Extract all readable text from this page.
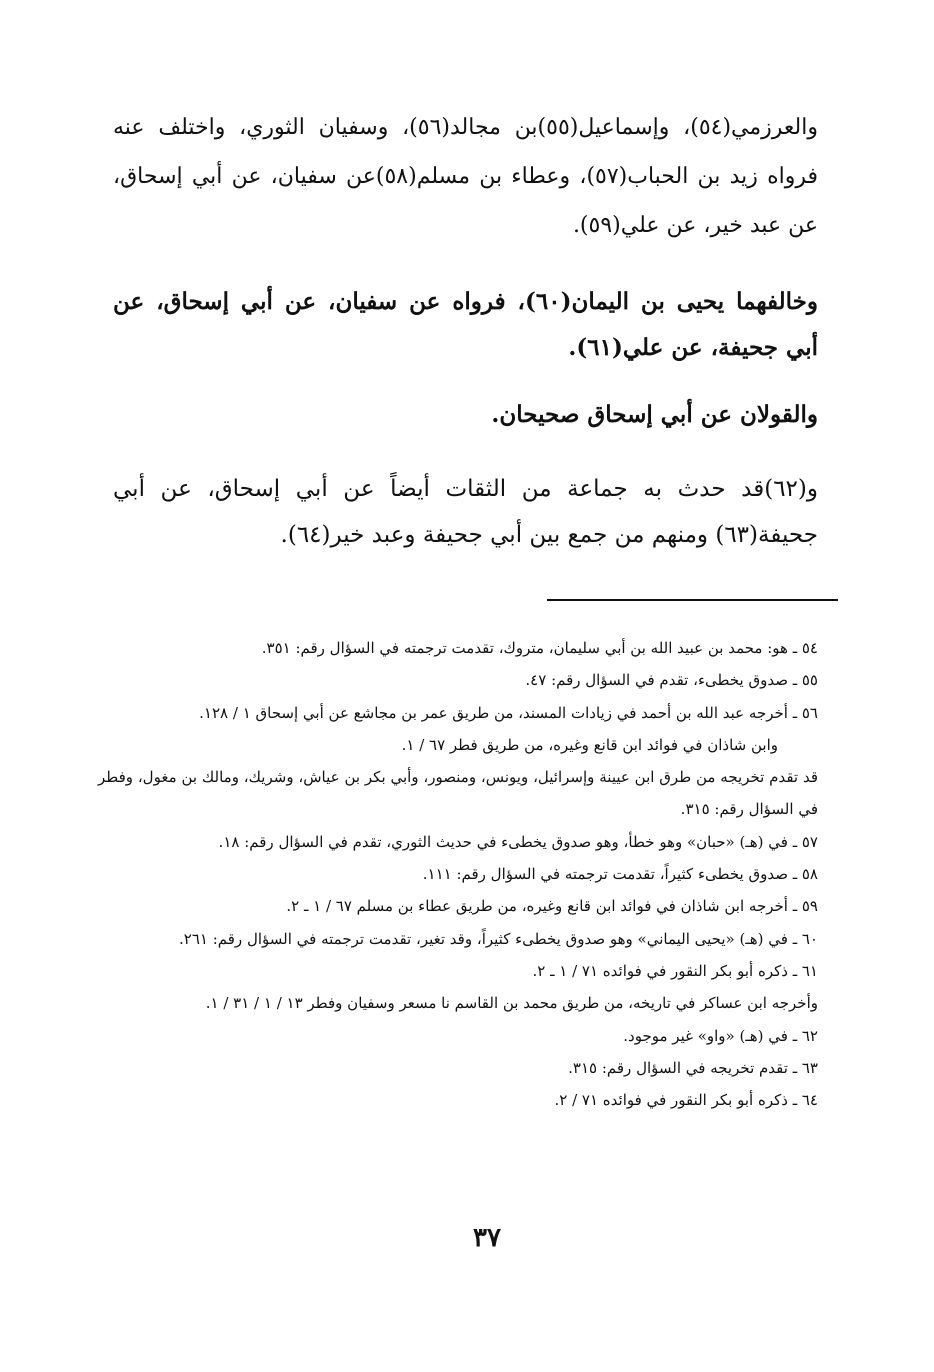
والعرزمي(٥٤)، وإسماعيل(٥٥)بن مجالد(٥٦)، وسفيان الثوري، واختلف عنه فرواه زيد بن الحباب(٥٧)، وعطاء بن مسلم(٥٨)عن سفيان، عن أبي إسحاق، عن عبد خير، عن علي(٥٩).

وخالفهما يحيى بن اليمان(٦٠)، فرواه عن سفيان، عن أبي إسحاق، عن أبي جحيفة، عن علي(٦١).

والقولان عن أبي إسحاق صحيحان.

و(٦٢)قد حدث به جماعة من الثقات أيضاً عن أبي إسحاق، عن أبي جحيفة(٦٣) ومنهم من جمع بين أبي جحيفة وعبد خير(٦٤).

٥٤ ـ هو: محمد بن عبيد الله بن أبي سليمان، متروك، تقدمت ترجمته في السؤال رقم: ٣٥١.
٥٥ ـ صدوق يخطىء، تقدم في السؤال رقم: ٤٧.
٥٦ ـ أخرجه عبد الله بن أحمد في زيادات المسند، من طريق عمر بن مجاشع عن أبي إسحاق ١ / ١٢٨.
وابن شاذان في فوائد ابن قانع وغيره، من طريق فطر ٦٧ / ١.
قد تقدم تخريجه من طرق ابن عيينة وإسرائيل، ويونس، ومنصور، وأبي بكر بن عياش، وشريك، ومالك بن مغول، وفطر في السؤال رقم: ٣١٥.
٥٧ ـ في (هـ) «حبان» وهو خطأ، وهو صدوق يخطىء في حديث الثوري، تقدم في السؤال رقم: ١٨.
٥٨ ـ صدوق يخطىء كثيراً، تقدمت ترجمته في السؤال رقم: ١١١.
٥٩ ـ أخرجه ابن شاذان في فوائد ابن قانع وغيره، من طريق عطاء بن مسلم ٦٧ / ١ ـ ٢.
٦٠ ـ في (هـ) «يحيى اليماني» وهو صدوق يخطىء كثيراً، وقد تغير، تقدمت ترجمته في السؤال رقم: ٢٦١.
٦١ ـ ذكره أبو بكر النقور في فوائده ٧١ / ١ ـ ٢.
وأخرجه ابن عساكر في تاريخه، من طريق محمد بن القاسم نا مسعر وسفيان وفطر ١٣ / ١ / ٣١ / ١.
٦٢ ـ في (هـ) «واو» غير موجود.
٦٣ ـ تقدم تخريجه في السؤال رقم: ٣١٥.
٦٤ ـ ذكره أبو بكر النقور في فوائده ٧١ / ٢.
٣٧
